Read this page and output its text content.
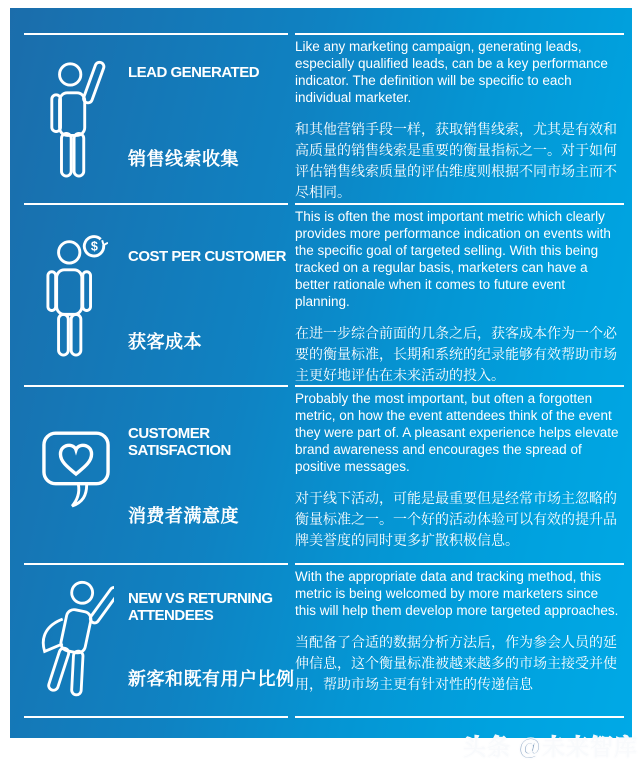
LEAD GENERATED
销售线索收集

Like any marketing campaign, generating leads, especially qualified leads, can be a key performance indicator. The definition will be specific to each individual marketer.

和其他营销手段一样，获取销售线索，尤其是有效和高质量的销售线索是重要的衡量指标之一。对于如何评估销售线索质量的评估维度则根据不同市场主而不尽相同。

$
COST PER CUSTOMER
获客成本

This is often the most important metric which clearly provides more performance indication on events with the specific goal of targeted selling. With this being tracked on a regular basis, marketers can have a better rationale when it comes to future event planning.

在进一步综合前面的几条之后，获客成本作为一个必要的衡量标准，长期和系统的纪录能够有效帮助市场主更好地评估在未来活动的投入。

CUSTOMER SATISFACTION
消费者满意度

Probably the most important, but often a forgotten metric, on how the event attendees think of the event they were part of. A pleasant experience helps elevate brand awareness and encourages the spread of positive messages.

对于线下活动，可能是最重要但是经常市场主忽略的衡量标准之一。一个好的活动体验可以有效的提升品牌美誉度的同时更多扩散积极信息。

NEW VS RETURNING ATTENDEES
新客和既有用户比例

With the appropriate data and tracking method, this metric is being welcomed by more marketers since this will help them develop more targeted approaches.

当配备了合适的数据分析方法后，作为参会人员的延伸信息，这个衡量标准被越来越多的市场主接受并使用，帮助市场主更有针对性的传递信息

头条 @未来智库
